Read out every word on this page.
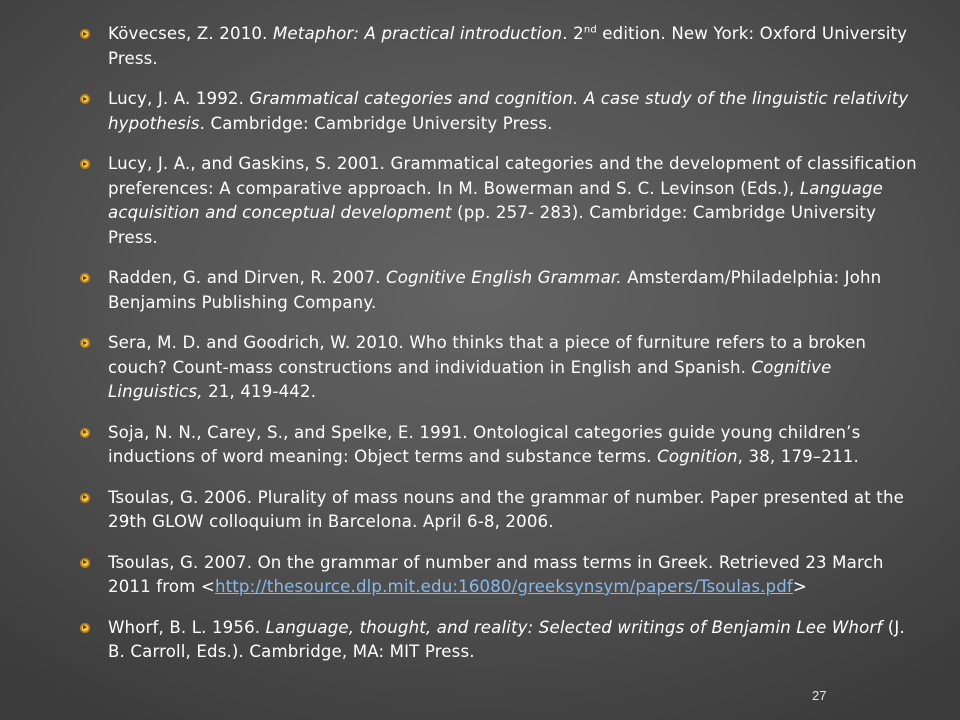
Kövecses, Z. 2010. Metaphor: A practical introduction. 2nd edition. New York: Oxford University Press.
Lucy, J. A. 1992. Grammatical categories and cognition. A case study of the linguistic relativity hypothesis. Cambridge: Cambridge University Press.
Lucy, J. A., and Gaskins, S. 2001. Grammatical categories and the development of classification preferences: A comparative approach. In M. Bowerman and S. C. Levinson (Eds.), Language acquisition and conceptual development (pp. 257- 283). Cambridge: Cambridge University Press.
Radden, G. and Dirven, R. 2007. Cognitive English Grammar. Amsterdam/Philadelphia: John Benjamins Publishing Company.
Sera, M. D. and Goodrich, W. 2010. Who thinks that a piece of furniture refers to a broken couch? Count-mass constructions and individuation in English and Spanish. Cognitive Linguistics, 21, 419-442.
Soja, N. N., Carey, S., and Spelke, E. 1991. Ontological categories guide young children’s inductions of word meaning: Object terms and substance terms. Cognition, 38, 179–211.
Tsoulas, G. 2006. Plurality of mass nouns and the grammar of number. Paper presented at the 29th GLOW colloquium in Barcelona. April 6-8, 2006.
Tsoulas, G. 2007. On the grammar of number and mass terms in Greek. Retrieved 23 March 2011 from <http://thesource.dlp.mit.edu:16080/greeksynsym/papers/Tsoulas.pdf>
Whorf, B. L. 1956. Language, thought, and reality: Selected writings of Benjamin Lee Whorf (J. B. Carroll, Eds.). Cambridge, MA: MIT Press.
27
